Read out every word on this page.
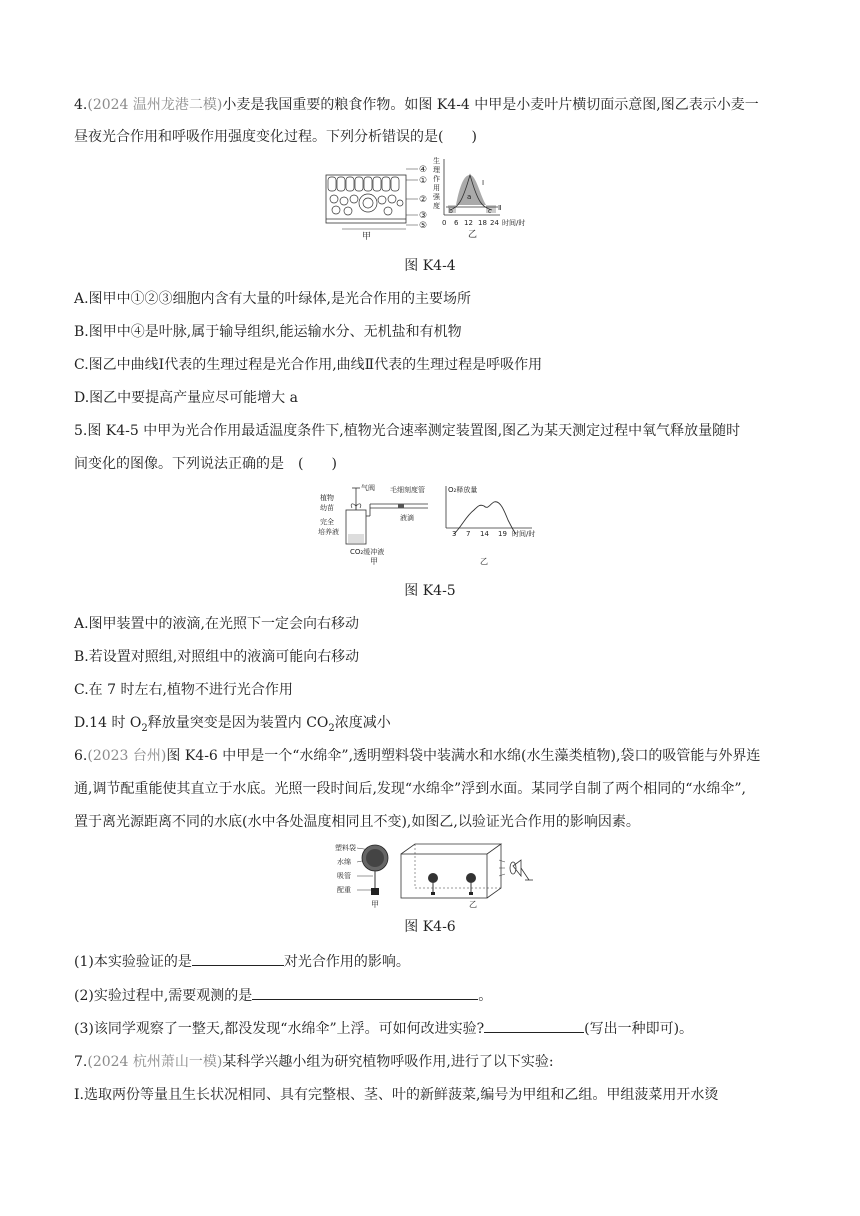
4.(2024 温州龙港二模)小麦是我国重要的粮食作物。如图 K4-4 中甲是小麦叶片横切面示意图,图乙表示小麦一
昼夜光合作用和呼吸作用强度变化过程。下列分析错误的是(　　)
④
①
②
③
⑤
甲
生
理
作
用
强
度
Ⅰ
Ⅱ
a
b	c
0 6 12 18 24 时间/时
乙
图 K4-4
A.图甲中①②③细胞内含有大量的叶绿体,是光合作用的主要场所
B.图甲中④是叶脉,属于输导组织,能运输水分、无机盐和有机物
C.图乙中曲线Ⅰ代表的生理过程是光合作用,曲线Ⅱ代表的生理过程是呼吸作用
D.图乙中要提高产量应尽可能增大 a
5.图 K4-5 中甲为光合作用最适温度条件下,植物光合速率测定装置图,图乙为某天测定过程中氧气释放量随时
间变化的图像。下列说法正确的是　(　　)
气阀 毛细刻度管
植物
幼苗
液滴
完全
培养液
CO₂缓冲液
甲
O₂释放量
3 7 14 19 时间/时
乙
图 K4-5
A.图甲装置中的液滴,在光照下一定会向右移动
B.若设置对照组,对照组中的液滴可能向右移动
C.在 7 时左右,植物不进行光合作用
D.14 时 $O_2$释放量突变是因为装置内 $CO_2$浓度减小
6.(2023 台州)图 K4-6 中甲是一个“水绵伞”,透明塑料袋中装满水和水绵(水生藻类植物),袋口的吸管能与外界连
通,调节配重能使其直立于水底。光照一段时间后,发现“水绵伞”浮到水面。某同学自制了两个相同的“水绵伞”,
置于离光源距离不同的水底(水中各处温度相同且不变),如图乙,以验证光合作用的影响因素。
塑料袋
水绵
吸管
配重
甲	乙
图 K4-6
(1)本实验验证的是	对光合作用的影响。
(2)实验过程中,需要观测的是	。
(3)该同学观察了一整天,都没发现“水绵伞”上浮。可如何改进实验?	(写出一种即可)。
7.(2024 杭州萧山一模)某科学兴趣小组为研究植物呼吸作用,进行了以下实验:
Ⅰ.选取两份等量且生长状况相同、具有完整根、茎、叶的新鲜菠菜,编号为甲组和乙组。甲组菠菜用开水烫
